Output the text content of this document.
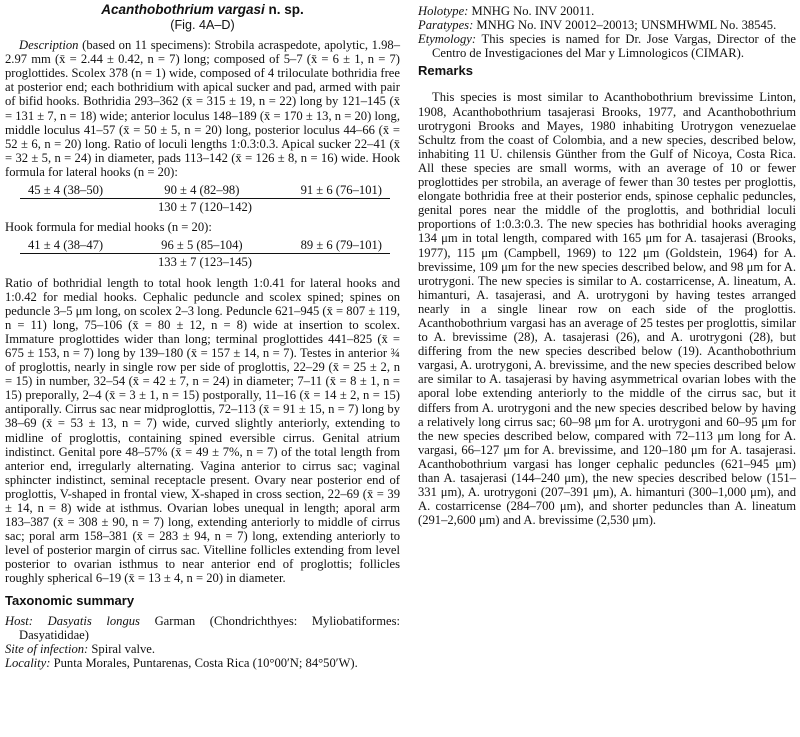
Acanthobothrium vargasi n. sp.
(Fig. 4A–D)

Description (based on 11 specimens): Strobila acraspedote, apolytic, 1.98–2.97 mm (x̄ = 2.44 ± 0.42, n = 7) long; composed of 5–7 (x̄ = 6 ± 1, n = 7) proglottides. Scolex 378 (n = 1) wide, composed of 4 triloculate bothridia free at posterior end; each bothridium with apical sucker and pad, armed with pair of bifid hooks. Bothridia 293–362 (x̄ = 315 ± 19, n = 22) long by 121–145 (x̄ = 131 ± 7, n = 18) wide; anterior loculus 148–189 (x̄ = 170 ± 13, n = 20) long, middle loculus 41–57 (x̄ = 50 ± 5, n = 20) long, posterior loculus 44–66 (x̄ = 52 ± 6, n = 20) long. Ratio of loculi lengths 1:0.3:0.3. Apical sucker 22–41 (x̄ = 32 ± 5, n = 24) in diameter, pads 113–142 (x̄ = 126 ± 8, n = 16) wide. Hook formula for lateral hooks (n = 20):

45 ± 4 (38–50)	90 ± 4 (82–98)	91 ± 6 (76–101)
130 ± 7 (120–142)

Hook formula for medial hooks (n = 20):

41 ± 4 (38–47)	96 ± 5 (85–104)	89 ± 6 (79–101)
133 ± 7 (123–145)

Ratio of bothridial length to total hook length 1:0.41 for lateral hooks and 1:0.42 for medial hooks. Cephalic peduncle and scolex spined; spines on peduncle 3–5 μm long, on scolex 2–3 long. Peduncle 621–945 (x̄ = 807 ± 119, n = 11) long, 75–106 (x̄ = 80 ± 12, n = 8) wide at insertion to scolex. Immature proglottides wider than long; terminal proglottides 441–825 (x̄ = 675 ± 153, n = 7) long by 139–180 (x̄ = 157 ± 14, n = 7). Testes in anterior ¾ of proglottis, nearly in single row per side of proglottis, 22–29 (x̄ = 25 ± 2, n = 15) in number, 32–54 (x̄ = 42 ± 7, n = 24) in diameter; 7–11 (x̄ = 8 ± 1, n = 15) preporally, 2–4 (x̄ = 3 ± 1, n = 15) postporally, 11–16 (x̄ = 14 ± 2, n = 15) antiporally. Cirrus sac near midproglottis, 72–113 (x̄ = 91 ± 15, n = 7) long by 38–69 (x̄ = 53 ± 13, n = 7) wide, curved slightly anteriorly, extending to midline of proglottis, containing spined eversible cirrus. Genital atrium indistinct. Genital pore 48–57% (x̄ = 49 ± 7%, n = 7) of the total length from anterior end, irregularly alternating. Vagina anterior to cirrus sac; vaginal sphincter indistinct, seminal receptacle present. Ovary near posterior end of proglottis, V-shaped in frontal view, X-shaped in cross section, 22–69 (x̄ = 39 ± 14, n = 8) wide at isthmus. Ovarian lobes unequal in length; aporal arm 183–387 (x̄ = 308 ± 90, n = 7) long, extending anteriorly to middle of cirrus sac; poral arm 158–381 (x̄ = 283 ± 94, n = 7) long, extending anteriorly to level of posterior margin of cirrus sac. Vitelline follicles extending from level posterior to ovarian isthmus to near anterior end of proglottis; follicles roughly spherical 6–19 (x̄ = 13 ± 4, n = 20) in diameter.

Taxonomic summary

Host: Dasyatis longus Garman (Chondrichthyes: Myliobatiformes: Dasyatididae)

Site of infection: Spiral valve.

Locality: Punta Morales, Puntarenas, Costa Rica (10°00′N; 84°50′W).

Holotype: MNHG No. INV 20011.

Paratypes: MNHG No. INV 20012–20013; UNSMHWML No. 38545.

Etymology: This species is named for Dr. Jose Vargas, Director of the Centro de Investigaciones del Mar y Limnologicos (CIMAR).

Remarks

This species is most similar to Acanthobothrium brevissime Linton, 1908, Acanthobothrium tasajerasi Brooks, 1977, and Acanthobothrium urotrygoni Brooks and Mayes, 1980 inhabiting Urotrygon venezuelae Schultz from the coast of Colombia, and a new species, described below, inhabiting 11 U. chilensis Günther from the Gulf of Nicoya, Costa Rica. All these species are small worms, with an average of 10 or fewer proglottides per strobila, an average of fewer than 30 testes per proglottis, elongate bothridia free at their posterior ends, spinose cephalic peduncles, genital pores near the middle of the proglottis, and bothridial loculi proportions of 1:0.3:0.3. The new species has bothridial hooks averaging 134 μm in total length, compared with 165 μm for A. tasajerasi (Brooks, 1977), 115 μm (Campbell, 1969) to 122 μm (Goldstein, 1964) for A. brevissime, 109 μm for the new species described below, and 98 μm for A. urotrygoni. The new species is similar to A. costarricense, A. lineatum, A. himanturi, A. tasajerasi, and A. urotrygoni by having testes arranged nearly in a single linear row on each side of the proglottis. Acanthobothrium vargasi has an average of 25 testes per proglottis, similar to A. brevissime (28), A. tasajerasi (26), and A. urotrygoni (28), but differing from the new species described below (19). Acanthobothrium vargasi, A. urotrygoni, A. brevissime, and the new species described below are similar to A. tasajerasi by having asymmetrical ovarian lobes with the aporal lobe extending anteriorly to the middle of the cirrus sac, but it differs from A. urotrygoni and the new species described below by having a relatively long cirrus sac; 60–98 μm for A. urotrygoni and 60–95 μm for the new species described below, compared with 72–113 μm long for A. vargasi, 66–127 μm for A. brevissime, and 120–180 μm for A. tasajerasi. Acanthobothrium vargasi has longer cephalic peduncles (621–945 μm) than A. tasajerasi (144–240 μm), the new species described below (151–331 μm), A. urotrygoni (207–391 μm), A. himanturi (300–1,000 μm), and A. costarricense (284–700 μm), and shorter peduncles than A. lineatum (291–2,600 μm) and A. brevissime (2,530 μm).
